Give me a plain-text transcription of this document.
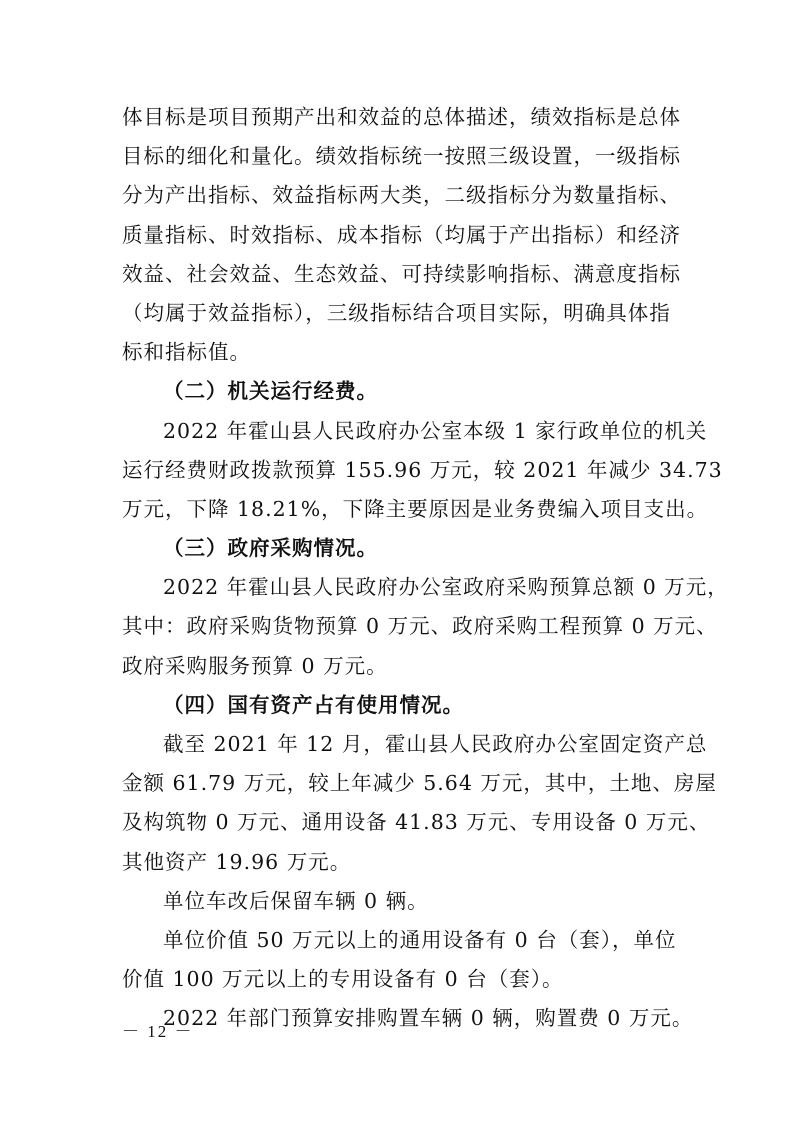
体目标是项目预期产出和效益的总体描述，绩效指标是总体
目标的细化和量化。绩效指标统一按照三级设置，一级指标
分为产出指标、效益指标两大类，二级指标分为数量指标、
质量指标、时效指标、成本指标（均属于产出指标）和经济
效益、社会效益、生态效益、可持续影响指标、满意度指标
（均属于效益指标），三级指标结合项目实际，明确具体指
标和指标值。
（二）机关运行经费。
2022 年霍山县人民政府办公室本级 1 家行政单位的机关
运行经费财政拨款预算 155.96 万元，较 2021 年减少 34.73
万元，下降 18.21%，下降主要原因是业务费编入项目支出。
（三）政府采购情况。
2022 年霍山县人民政府办公室政府采购预算总额 0 万元，
其中：政府采购货物预算 0 万元、政府采购工程预算 0 万元、
政府采购服务预算 0 万元。
（四）国有资产占有使用情况。
截至 2021 年 12 月，霍山县人民政府办公室固定资产总
金额 61.79 万元，较上年减少 5.64 万元，其中，土地、房屋
及构筑物 0 万元、通用设备 41.83 万元、专用设备 0 万元、
其他资产 19.96 万元。
单位车改后保留车辆 0 辆。
单位价值 50 万元以上的通用设备有 0 台（套），单位
价值 100 万元以上的专用设备有 0 台（套）。
2022 年部门预算安排购置车辆 0 辆，购置费 0 万元。
－ 12 －
